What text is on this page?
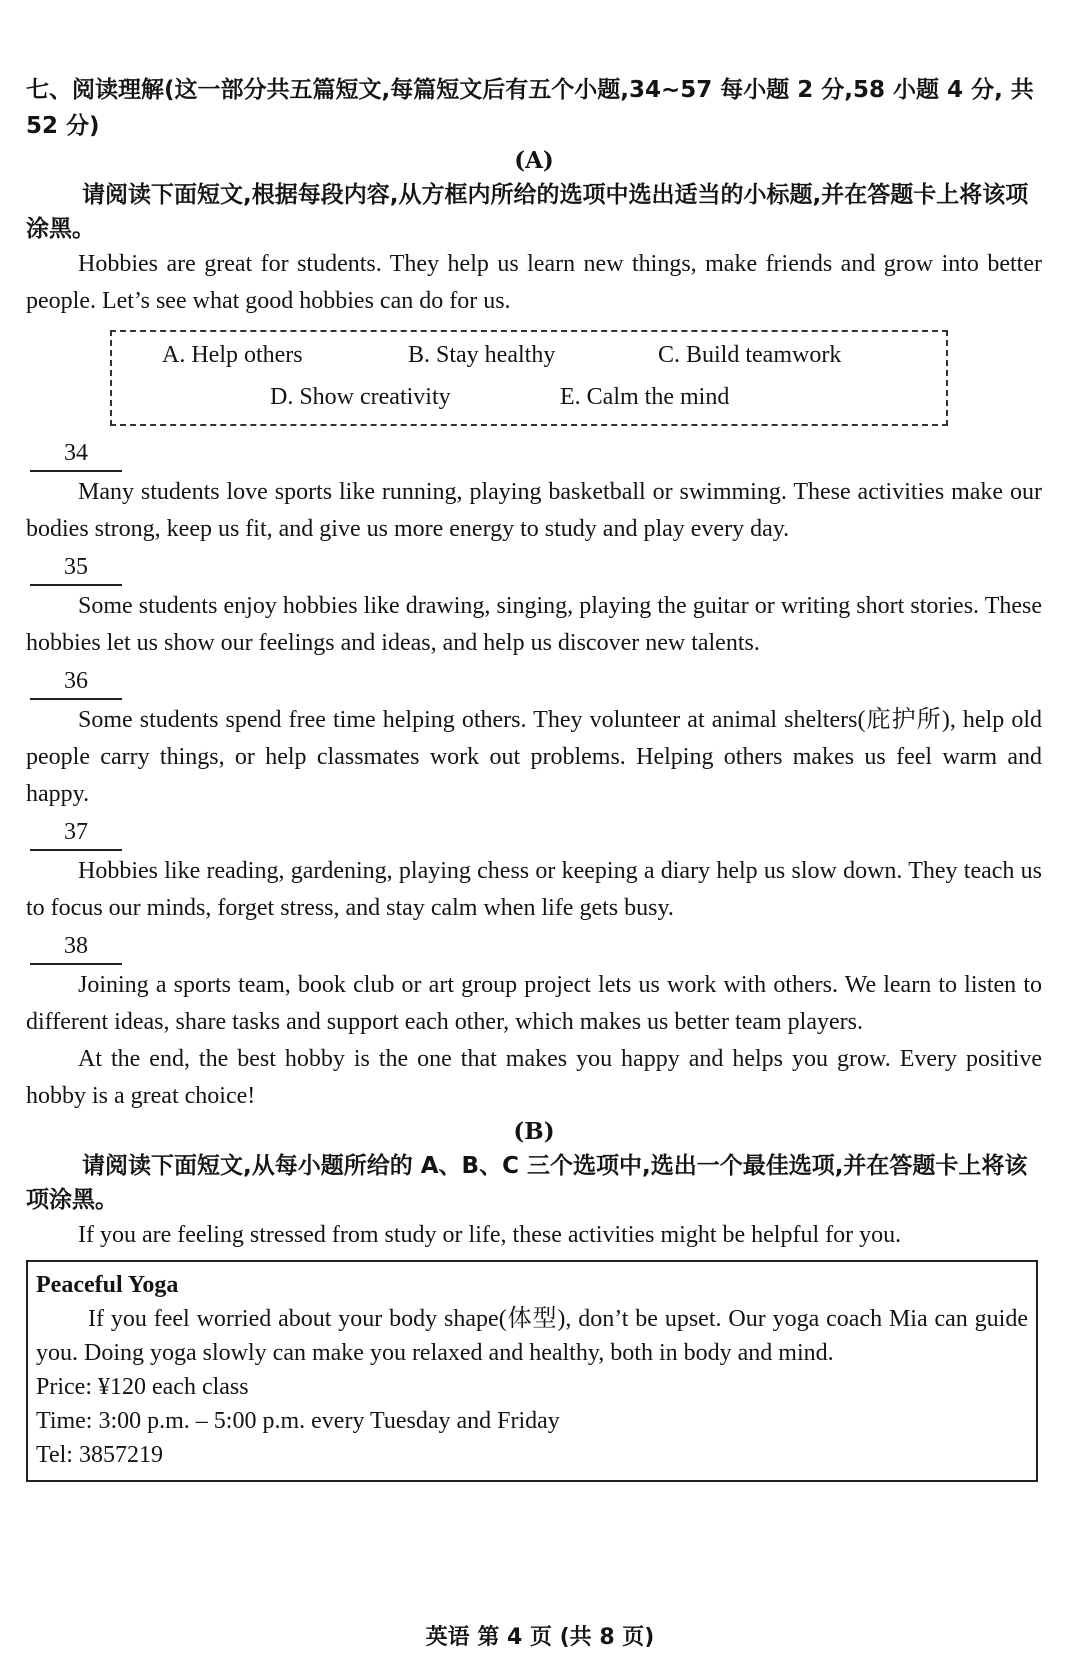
七、阅读理解(这一部分共五篇短文,每篇短文后有五个小题,34~57 每小题 2 分,58 小题 4 分, 共 52 分)

(A)

请阅读下面短文,根据每段内容,从方框内所给的选项中选出适当的小标题,并在答题卡上将该项涂黑。

Hobbies are great for students. They help us learn new things, make friends and grow into better people. Let’s see what good hobbies can do for us.

A. Help others	B. Stay healthy	C. Build teamwork
D. Show creativity	E. Calm the mind
34

Many students love sports like running, playing basketball or swimming. These activities make our bodies strong, keep us fit, and give us more energy to study and play every day.

35

Some students enjoy hobbies like drawing, singing, playing the guitar or writing short stories. These hobbies let us show our feelings and ideas, and help us discover new talents.

36

Some students spend free time helping others. They volunteer at animal shelters(庇护所), help old people carry things, or help classmates work out problems. Helping others makes us feel warm and happy.

37

Hobbies like reading, gardening, playing chess or keeping a diary help us slow down. They teach us to focus our minds, forget stress, and stay calm when life gets busy.

38

Joining a sports team, book club or art group project lets us work with others. We learn to listen to different ideas, share tasks and support each other, which makes us better team players.

At the end, the best hobby is the one that makes you happy and helps you grow. Every positive hobby is a great choice!

(B)

请阅读下面短文,从每小题所给的 A、B、C 三个选项中,选出一个最佳选项,并在答题卡上将该项涂黑。

If you are feeling stressed from study or life, these activities might be helpful for you.

Peaceful Yoga

If you feel worried about your body shape(体型), don’t be upset. Our yoga coach Mia can guide you. Doing yoga slowly can make you relaxed and healthy, both in body and mind.

Price: ¥120 each class

Time: 3:00 p.m. – 5:00 p.m. every Tuesday and Friday

Tel: 3857219

英语 第 4 页 (共 8 页)
